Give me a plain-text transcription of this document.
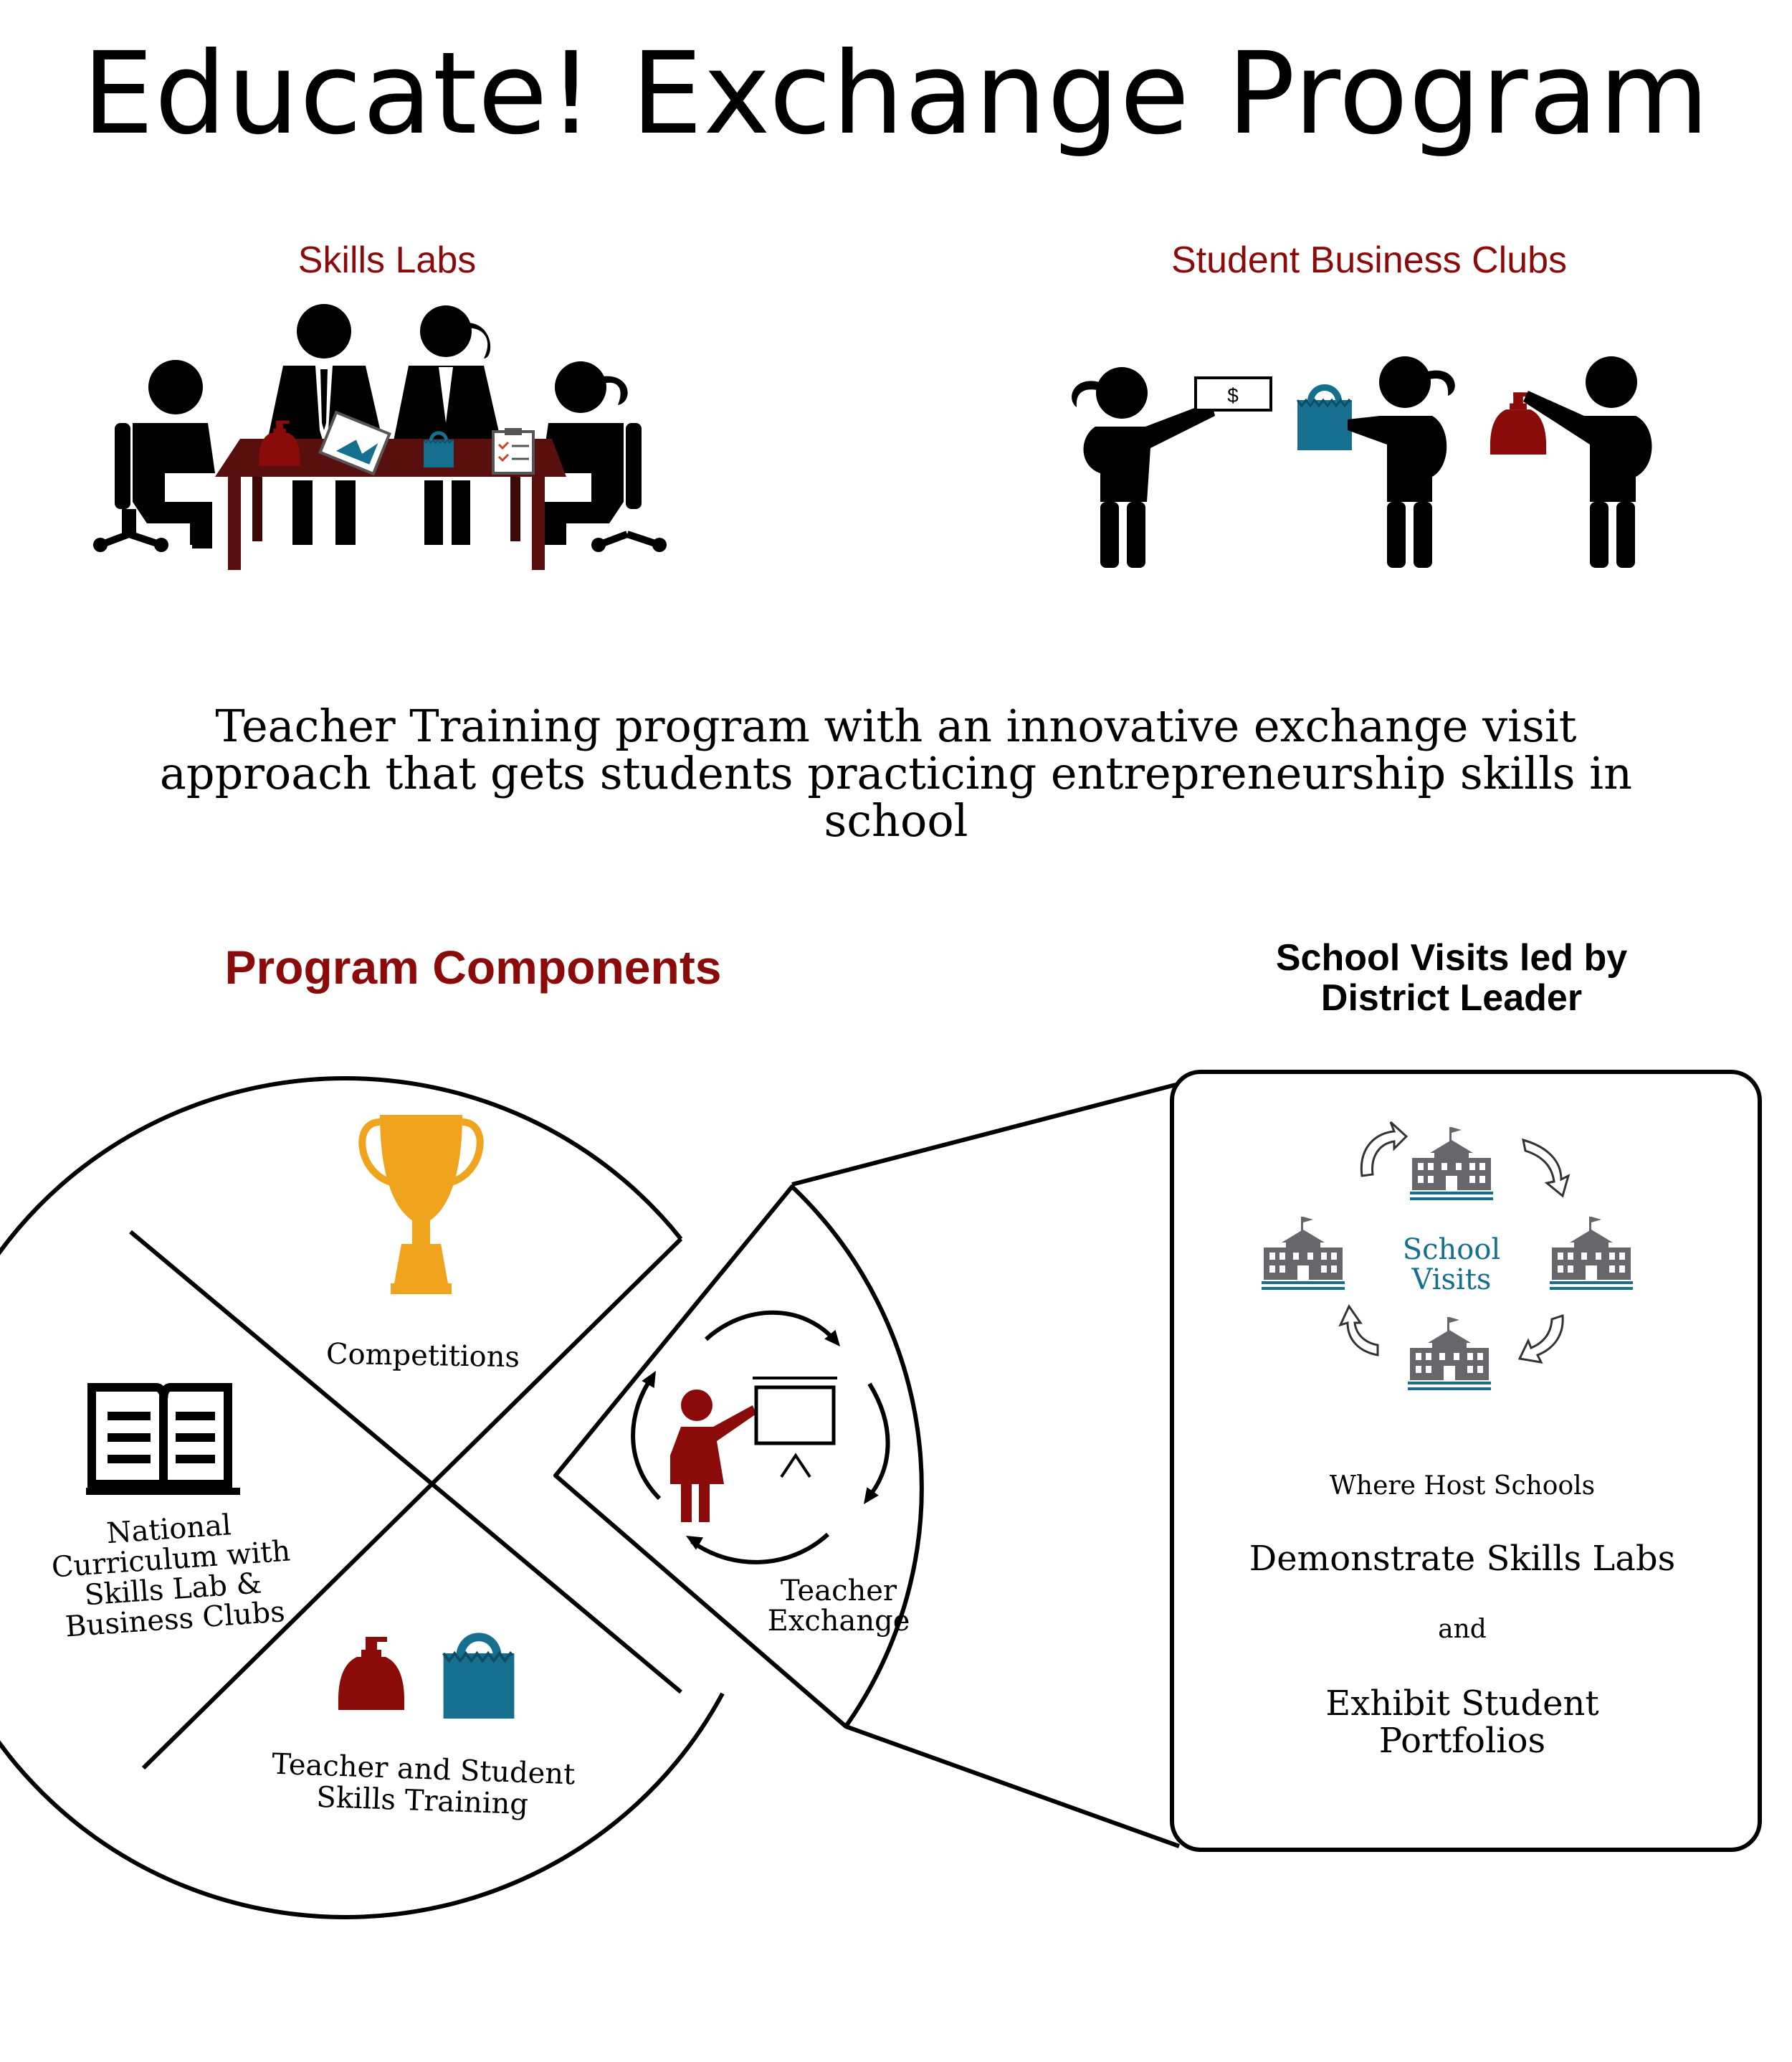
$
Educate! Exchange Program
Skills Labs	Student Business Clubs
Teacher Training program with an innovative exchange visit approach that gets students practicing entrepreneurship skills in school
Program Components	School Visits led by District Leader
Competitions
National Curriculum with Skills Lab & Business Clubs
Teacher and Student Skills Training
Teacher Exchange
School Visits
Where Host Schools
Demonstrate Skills Labs
and
Exhibit Student Portfolios
